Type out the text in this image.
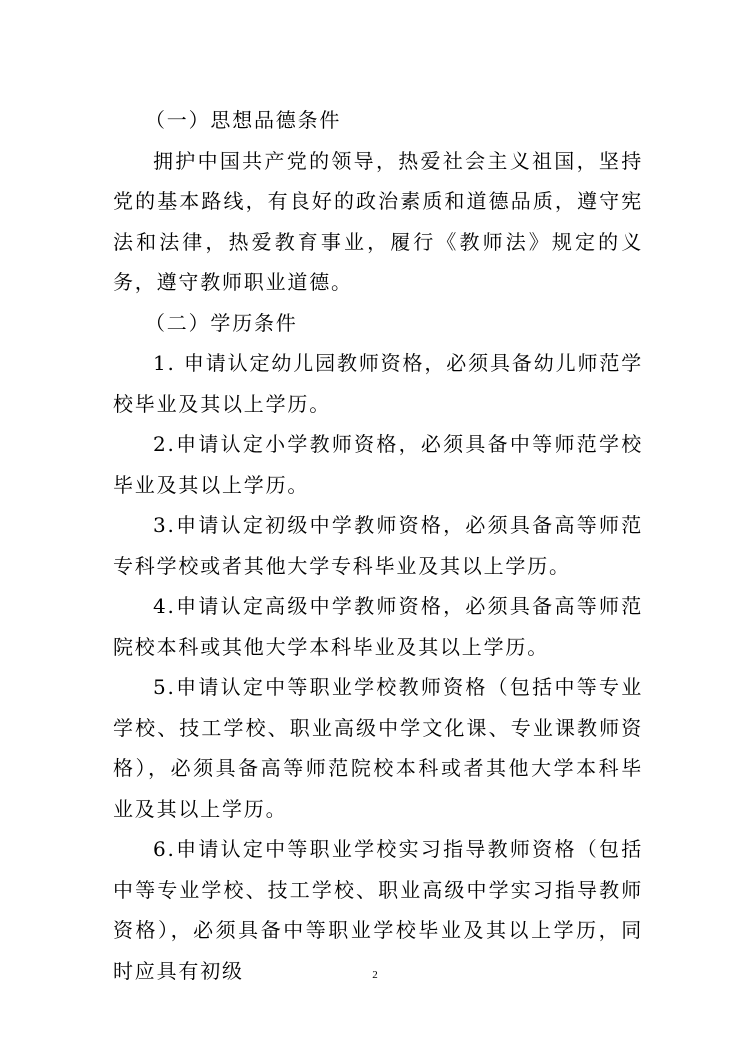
（一）思想品德条件

拥护中国共产党的领导，热爱社会主义祖国，坚持党的基本路线，有良好的政治素质和道德品质，遵守宪法和法律，热爱教育事业，履行《教师法》规定的义务，遵守教师职业道德。

（二）学历条件

1. 申请认定幼儿园教师资格，必须具备幼儿师范学校毕业及其以上学历。

2.申请认定小学教师资格，必须具备中等师范学校毕业及其以上学历。

3.申请认定初级中学教师资格，必须具备高等师范专科学校或者其他大学专科毕业及其以上学历。

4.申请认定高级中学教师资格，必须具备高等师范院校本科或其他大学本科毕业及其以上学历。

5.申请认定中等职业学校教师资格（包括中等专业学校、技工学校、职业高级中学文化课、专业课教师资格），必须具备高等师范院校本科或者其他大学本科毕业及其以上学历。

6.申请认定中等职业学校实习指导教师资格（包括中等专业学校、技工学校、职业高级中学实习指导教师资格），必须具备中等职业学校毕业及其以上学历，同时应具有初级	2
